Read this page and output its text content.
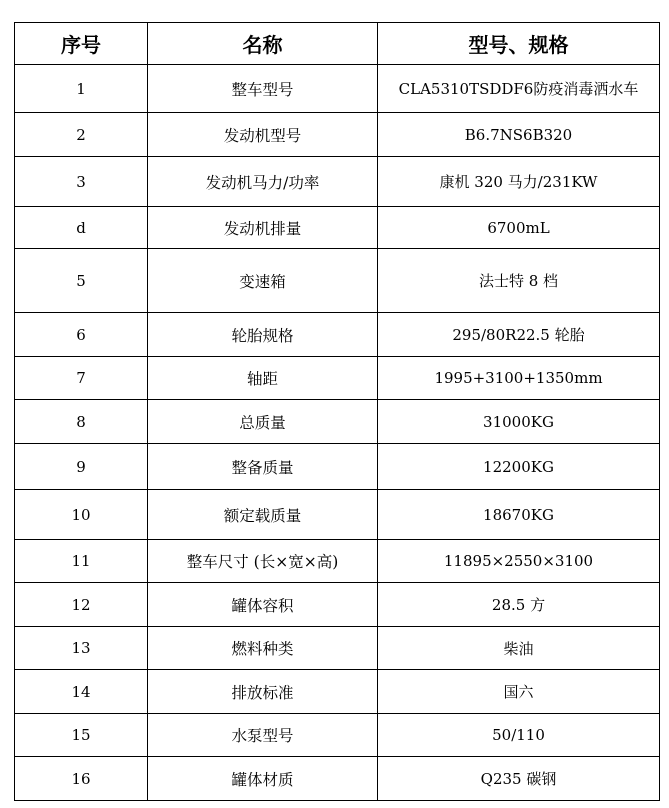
序号	名称	型号、规格
1	整车型号	CLA5310TSDDF6防疫消毒洒水车
2	发动机型号	B6.7NS6B320
3	发动机马力/功率	康机 320 马力/231KW
d	发动机排量	6700mL
5	变速箱	法士特 8 档
6	轮胎规格	295/80R22.5 轮胎
7	轴距	1995+3100+1350mm
8	总质量	31000KG
9	整备质量	12200KG
10	额定载质量	18670KG
11	整车尺寸 (长×宽×高)	11895×2550×3100
12	罐体容积	28.5 方
13	燃料种类	柴油
14	排放标准	国六
15	水泵型号	50/110
16	罐体材质	Q235 碳钢
